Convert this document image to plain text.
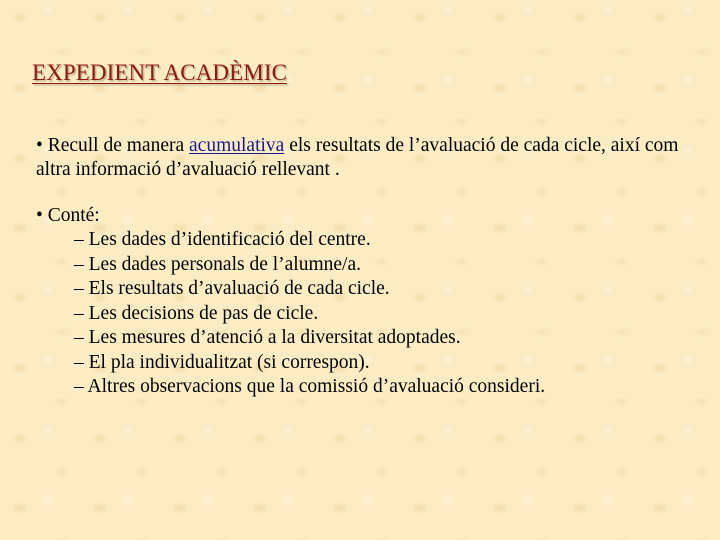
EXPEDIENT ACADÈMIC
• Recull de manera acumulativa els resultats de l’avaluació de cada cicle, així com altra informació d’avaluació rellevant .
• Conté:
– Les dades d’identificació del centre.
– Les dades personals de l’alumne/a.
– Els resultats d’avaluació de cada cicle.
– Les decisions de pas de cicle.
– Les mesures d’atenció a la diversitat adoptades.
– El pla individualitzat (si correspon).
– Altres observacions que la comissió d’avaluació consideri.
